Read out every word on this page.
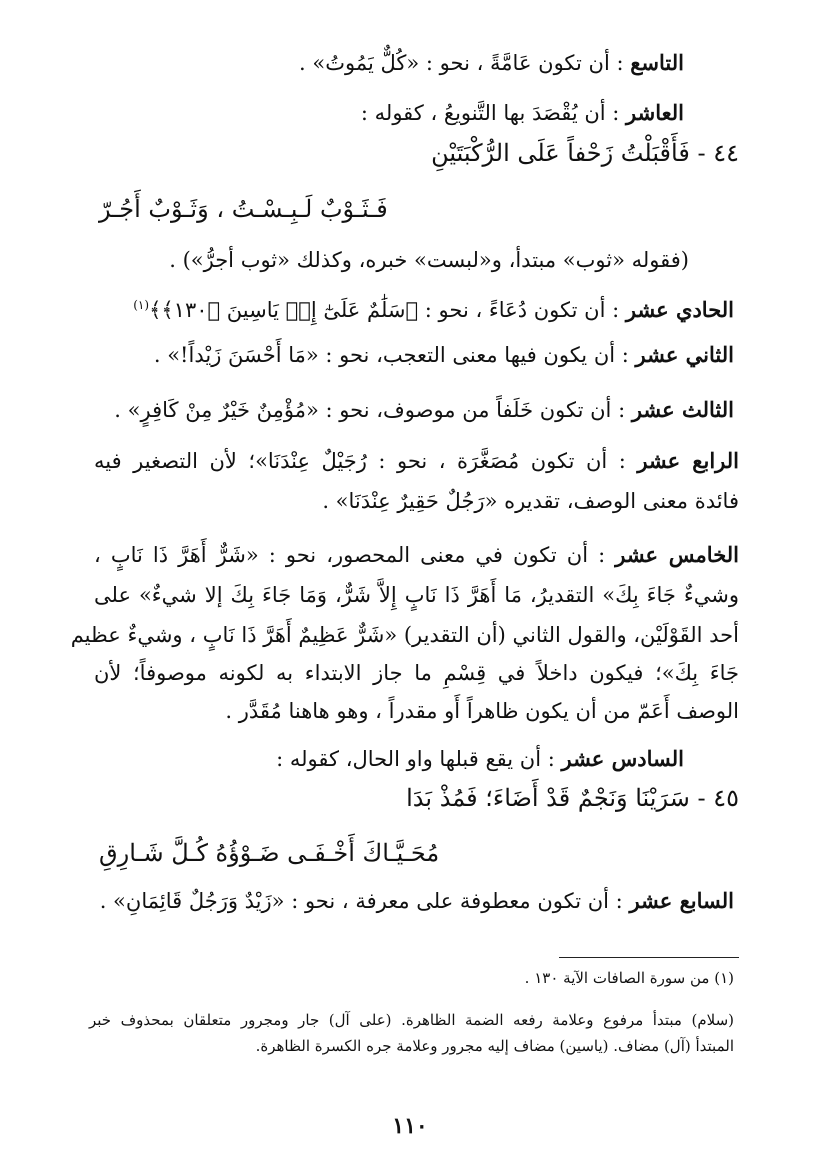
التاسع : أن تكون عَامَّةً ، نحو : «كُلٌّ يَمُوتُ» .
العاشر : أن يُقْصَدَ بها التَّنويعُ ، كقوله :
٤٤ - فَأَقْبَلْتُ زَحْفاً عَلَى الرُّكْبَتَيْنِ
فَـثَـوْبٌ لَـبِـسْـتُ ، وَثَـوْبٌ أَجُـرّ
(فقوله «ثوب» مبتدأ، و«لبست» خبره، وكذلك «ثوب أجرُّ») .
الحادي عشر : أن تكون دُعَاءً ، نحو : ﴿سَلَٰمٌ عَلَىٰٓ إِلۡ يَاسِينَ ﴿١٣٠﴾﴾$^{(١)}$
الثاني عشر : أن يكون فيها معنى التعجب، نحو : «مَا أَحْسَنَ زَيْداً!» .
الثالث عشر : أن تكون خَلَفاً من موصوف، نحو : «مُؤْمِنٌ خَيْرٌ مِنْ كَافِرٍ» .
الرابع عشر : أن تكون مُصَغَّرَة ، نحو : رُجَيْلٌ عِنْدَنَا»؛ لأن التصغير فيه
فائدة معنى الوصف، تقديره «رَجُلٌ حَقِيرٌ عِنْدَنَا» .
الخامس عشر : أن تكون في معنى المحصور، نحو : «شَرٌّ أَهَرَّ ذَا نَابٍ ،
وشيءٌ جَاءَ بِكَ» التقديرُ، مَا أَهَرَّ ذَا نَابٍ إِلاَّ شَرٌّ، وَمَا جَاءَ بِكَ إلا شيءٌ» على
أحد القَوْلَيْن، والقول الثاني (أن التقدير) «شَرٌّ عَظِيمٌ أَهَرَّ ذَا نَابٍ ، وشيءٌ عظيم
جَاءَ بِكَ»؛ فيكون داخلاً في قِسْمِ ما جاز الابتداء به لكونه موصوفاً؛ لأن
الوصف أَعَمّ من أن يكون ظاهراً أَو مقدراً ، وهو هاهنا مُقَدَّر .
السادس عشر : أن يقع قبلها واو الحال، كقوله :
٤٥ - سَرَيْنَا وَنَجْمٌ قَدْ أَضَاءَ؛ فَمُذْ بَدَا
مُحَـيَّـاكَ أَخْـفَـى ضَـوْؤُهُ كُـلَّ شَـارِقِ
السابع عشر : أن تكون معطوفة على معرفة ، نحو : «زَيْدٌ وَرَجُلٌ قَائِمَانِ» .
(١) من سورة الصافات الآية ١٣٠ .
(سلام) مبتدأ مرفوع وعلامة رفعه الضمة الظاهرة. (على آل) جار ومجرور متعلقان بمحذوف خبر
المبتدأ (آل) مضاف. (ياسين) مضاف إليه مجرور وعلامة جره الكسرة الظاهرة.
١١٠
